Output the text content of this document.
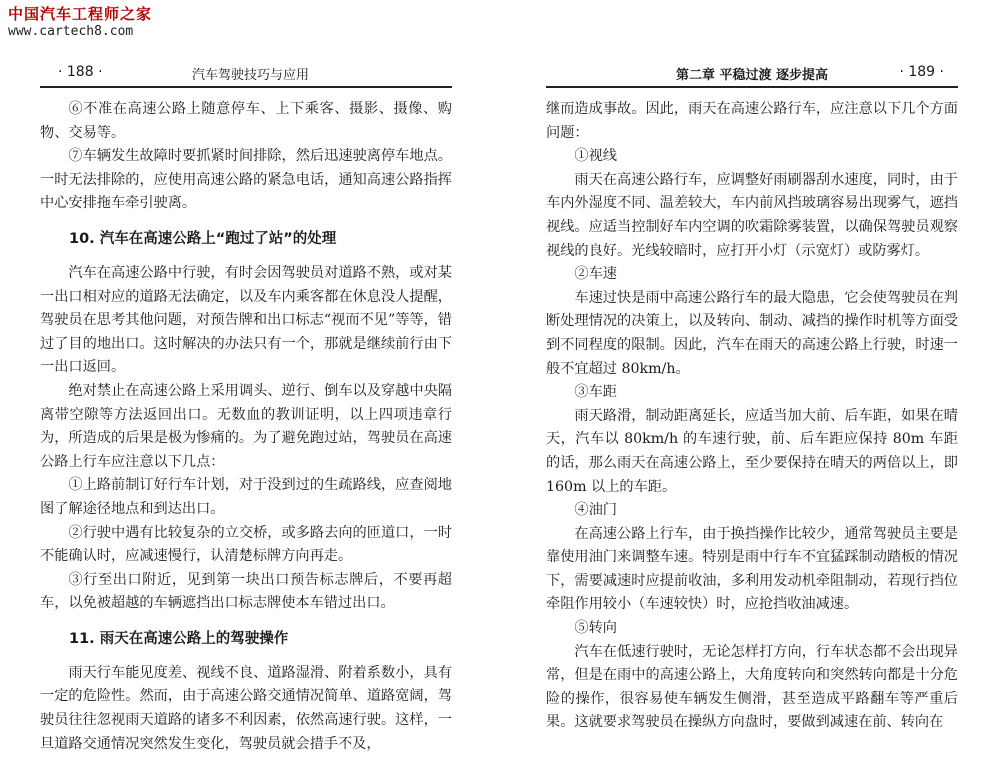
中国汽车工程师之家
www.cartech8.com
· 188 ·	汽车驾驶技巧与应用

⑥不准在高速公路上随意停车、上下乘客、摄影、摄像、购物、交易等。

⑦车辆发生故障时要抓紧时间排除，然后迅速驶离停车地点。一时无法排除的，应使用高速公路的紧急电话，通知高速公路指挥中心安排拖车牵引驶离。

10. 汽车在高速公路上“跑过了站”的处理

汽车在高速公路中行驶，有时会因驾驶员对道路不熟，或对某一出口相对应的道路无法确定，以及车内乘客都在休息没人提醒，驾驶员在思考其他问题，对预告牌和出口标志“视而不见”等等，错过了目的地出口。这时解决的办法只有一个，那就是继续前行由下一出口返回。

绝对禁止在高速公路上采用调头、逆行、倒车以及穿越中央隔离带空隙等方法返回出口。无数血的教训证明，以上四项违章行为，所造成的后果是极为惨痛的。为了避免跑过站，驾驶员在高速公路上行车应注意以下几点：

①上路前制订好行车计划，对于没到过的生疏路线，应查阅地图了解途径地点和到达出口。

②行驶中遇有比较复杂的立交桥，或多路去向的匝道口，一时不能确认时，应减速慢行，认清楚标牌方向再走。

③行至出口附近，见到第一块出口预告标志牌后，不要再超车，以免被超越的车辆遮挡出口标志牌使本车错过出口。

11. 雨天在高速公路上的驾驶操作

雨天行车能见度差、视线不良、道路湿滑、附着系数小，具有一定的危险性。然而，由于高速公路交通情况简单、道路宽阔，驾驶员往往忽视雨天道路的诸多不利因素，依然高速行驶。这样，一旦道路交通情况突然发生变化，驾驶员就会措手不及，

第二章 平稳过渡 逐步提高	· 189 ·

继而造成事故。因此，雨天在高速公路行车，应注意以下几个方面问题：

①视线

雨天在高速公路行车，应调整好雨刷器刮水速度，同时，由于车内外湿度不同、温差较大，车内前风挡玻璃容易出现雾气，遮挡视线。应适当控制好车内空调的吹霜除雾装置，以确保驾驶员观察视线的良好。光线较暗时，应打开小灯（示宽灯）或防雾灯。

②车速

车速过快是雨中高速公路行车的最大隐患，它会使驾驶员在判断处理情况的决策上，以及转向、制动、减挡的操作时机等方面受到不同程度的限制。因此，汽车在雨天的高速公路上行驶，时速一般不宜超过 80km/h。

③车距

雨天路滑，制动距离延长，应适当加大前、后车距，如果在晴天，汽车以 80km/h 的车速行驶，前、后车距应保持 80m 车距的话，那么雨天在高速公路上，至少要保持在晴天的两倍以上，即 160m 以上的车距。

④油门

在高速公路上行车，由于换挡操作比较少，通常驾驶员主要是靠使用油门来调整车速。特别是雨中行车不宜猛踩制动踏板的情况下，需要减速时应提前收油，多利用发动机牵阻制动，若现行挡位牵阻作用较小（车速较快）时，应抢挡收油减速。

⑤转向

汽车在低速行驶时，无论怎样打方向，行车状态都不会出现异常，但是在雨中的高速公路上，大角度转向和突然转向都是十分危险的操作，很容易使车辆发生侧滑，甚至造成平路翻车等严重后果。这就要求驾驶员在操纵方向盘时，要做到减速在前、转向在
